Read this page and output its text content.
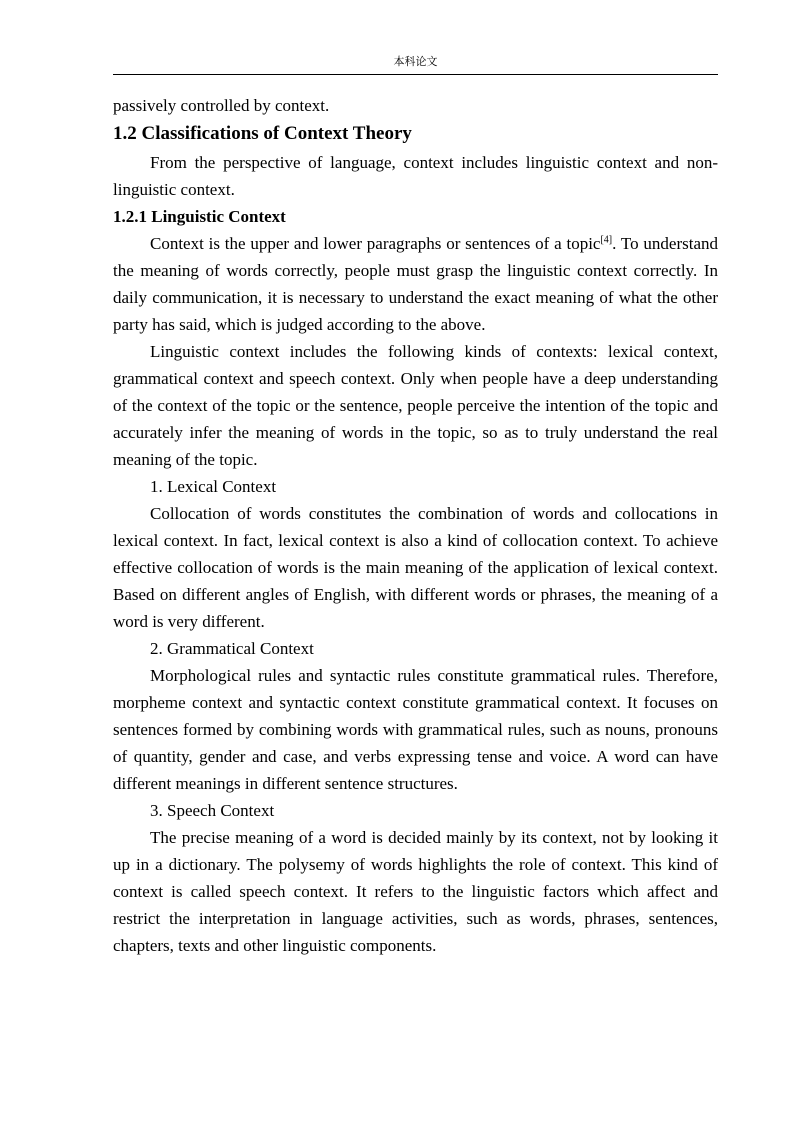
本科论文

passively controlled by context.

1.2 Classifications of Context Theory

From the perspective of language, context includes linguistic context and non-linguistic context.

1.2.1 Linguistic Context

Context is the upper and lower paragraphs or sentences of a topic[4]. To understand the meaning of words correctly, people must grasp the linguistic context correctly. In daily communication, it is necessary to understand the exact meaning of what the other party has said, which is judged according to the above.

Linguistic context includes the following kinds of contexts: lexical context, grammatical context and speech context. Only when people have a deep understanding of the context of the topic or the sentence, people perceive the intention of the topic and accurately infer the meaning of words in the topic, so as to truly understand the real meaning of the topic.

1. Lexical Context

Collocation of words constitutes the combination of words and collocations in lexical context. In fact, lexical context is also a kind of collocation context. To achieve effective collocation of words is the main meaning of the application of lexical context. Based on different angles of English, with different words or phrases, the meaning of a word is very different.

2. Grammatical Context

Morphological rules and syntactic rules constitute grammatical rules. Therefore, morpheme context and syntactic context constitute grammatical context. It focuses on sentences formed by combining words with grammatical rules, such as nouns, pronouns of quantity, gender and case, and verbs expressing tense and voice. A word can have different meanings in different sentence structures.

3. Speech Context

The precise meaning of a word is decided mainly by its context, not by looking it up in a dictionary. The polysemy of words highlights the role of context. This kind of context is called speech context. It refers to the linguistic factors which affect and restrict the interpretation in language activities, such as words, phrases, sentences, chapters, texts and other linguistic components.
